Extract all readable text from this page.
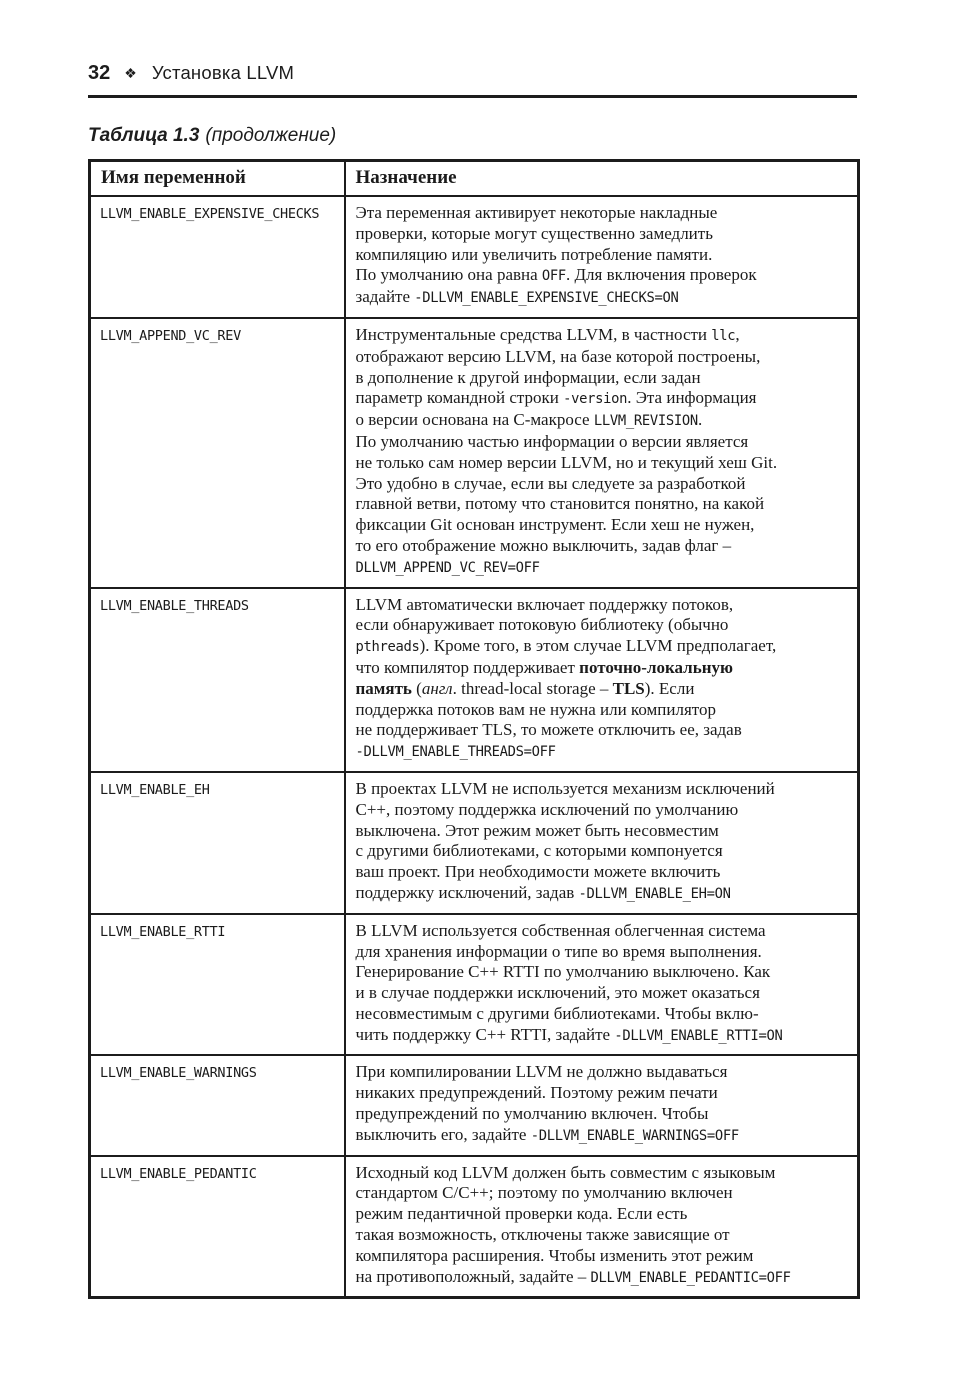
32 ❖ Установка LLVM

Таблица 1.3 (продолжение)

Имя переменной	Назначение
LLVM_ENABLE_EXPENSIVE_CHECKS	Эта переменная активирует некоторые накладные
проверки, которые могут существенно замедлить
компиляцию или увеличить потребление памяти.
По умолчанию она равна OFF. Для включения проверок
задайте -DLLVM_ENABLE_EXPENSIVE_CHECKS=ON
LLVM_APPEND_VC_REV	Инструментальные средства LLVM, в частности llc,
отображают версию LLVM, на базе которой построены,
в дополнение к другой информации, если задан
параметр командной строки -version. Эта информация
о версии основана на C-макросе LLVM_REVISION.
По умолчанию частью информации о версии является
не только сам номер версии LLVM, но и текущий хеш Git.
Это удобно в случае, если вы следуете за разработкой
главной ветви, потому что становится понятно, на какой
фиксации Git основан инструмент. Если хеш не нужен,
то его отображение можно выключить, задав флаг –
DLLVM_APPEND_VC_REV=OFF
LLVM_ENABLE_THREADS	LLVM автоматически включает поддержку потоков,
если обнаруживает потоковую библиотеку (обычно
pthreads). Кроме того, в этом случае LLVM предполагает,
что компилятор поддерживает поточно-локальную
память (англ. thread-local storage – TLS). Если
поддержка потоков вам не нужна или компилятор
не поддерживает TLS, то можете отключить ее, задав
-DLLVM_ENABLE_THREADS=OFF
LLVM_ENABLE_EH	В проектах LLVM не используется механизм исключений
C++, поэтому поддержка исключений по умолчанию
выключена. Этот режим может быть несовместим
с другими библиотеками, с которыми компонуется
ваш проект. При необходимости можете включить
поддержку исключений, задав -DLLVM_ENABLE_EH=ON
LLVM_ENABLE_RTTI	В LLVM используется собственная облегченная система
для хранения информации о типе во время выполнения.
Генерирование C++ RTTI по умолчанию выключено. Как
и в случае поддержки исключений, это может оказаться
несовместимым с другими библиотеками. Чтобы вклю-
чить поддержку C++ RTTI, задайте -DLLVM_ENABLE_RTTI=ON
LLVM_ENABLE_WARNINGS	При компилировании LLVM не должно выдаваться
никаких предупреждений. Поэтому режим печати
предупреждений по умолчанию включен. Чтобы
выключить его, задайте -DLLVM_ENABLE_WARNINGS=OFF
LLVM_ENABLE_PEDANTIC	Исходный код LLVM должен быть совместим с языковым
стандартом C/C++; поэтому по умолчанию включен
режим педантичной проверки кода. Если есть
такая возможность, отключены также зависящие от
компилятора расширения. Чтобы изменить этот режим
на противоположный, задайте – DLLVM_ENABLE_PEDANTIC=OFF
